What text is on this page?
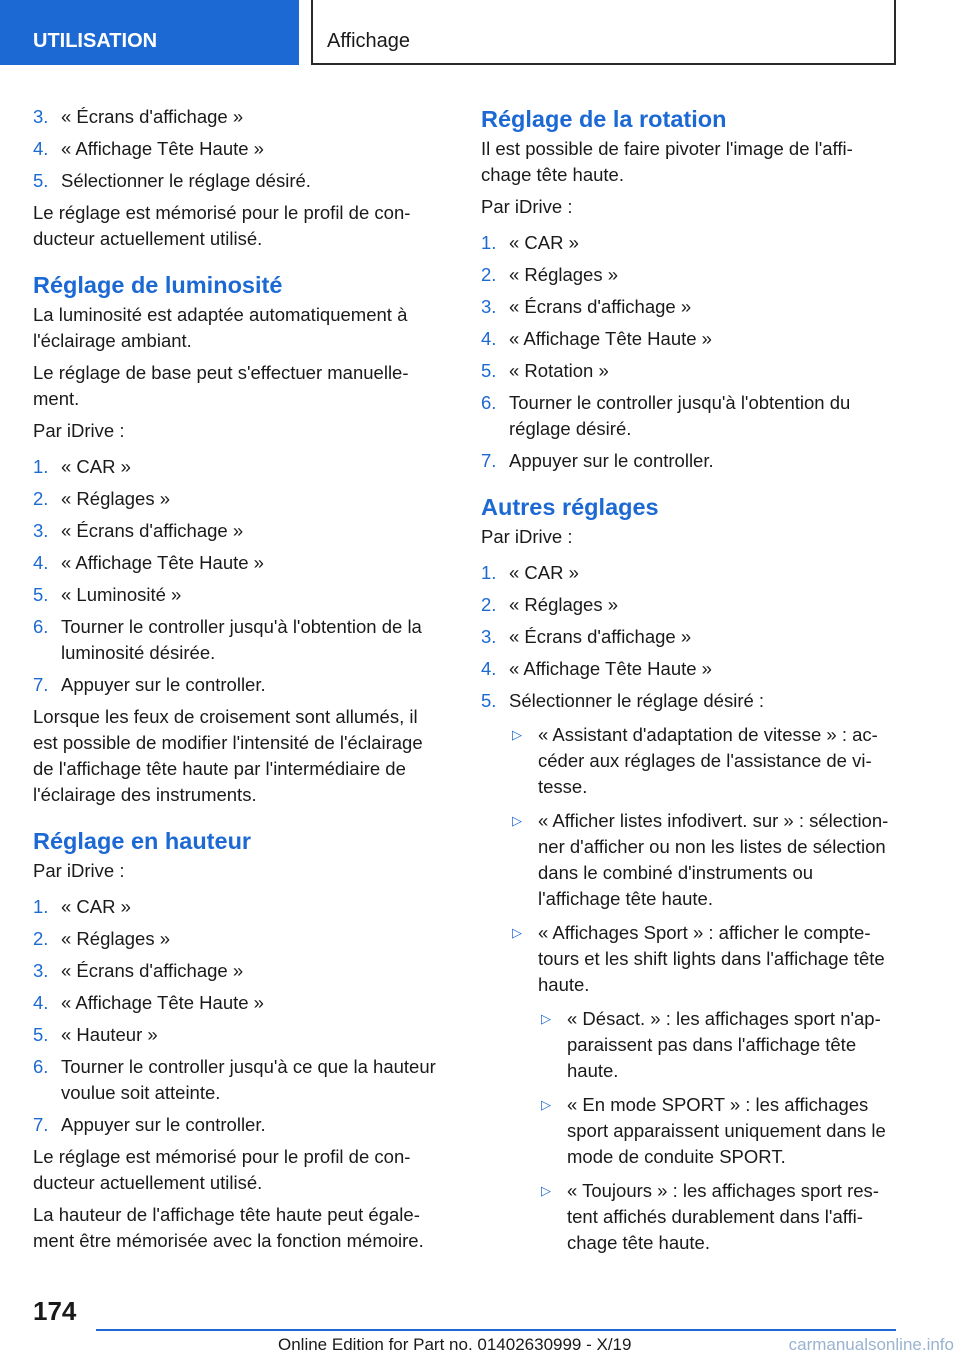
UTILISATION	Affichage
3. « Écrans d'affichage »
4. « Affichage Tête Haute »
5. Sélectionner le réglage désiré.

Le réglage est mémorisé pour le profil de conducteur actuellement utilisé.

Réglage de luminosité

La luminosité est adaptée automatiquement à l'éclairage ambiant.

Le réglage de base peut s'effectuer manuellement.

Par iDrive :

1. « CAR »
2. « Réglages »
3. « Écrans d'affichage »
4. « Affichage Tête Haute »
5. « Luminosité »
6. Tourner le controller jusqu'à l'obtention de la luminosité désirée.
7. Appuyer sur le controller.

Lorsque les feux de croisement sont allumés, il est possible de modifier l'intensité de l'éclairage de l'affichage tête haute par l'intermédiaire de l'éclairage des instruments.

Réglage en hauteur

Par iDrive :

1. « CAR »
2. « Réglages »
3. « Écrans d'affichage »
4. « Affichage Tête Haute »
5. « Hauteur »
6. Tourner le controller jusqu'à ce que la hauteur voulue soit atteinte.
7. Appuyer sur le controller.

Le réglage est mémorisé pour le profil de conducteur actuellement utilisé.

La hauteur de l'affichage tête haute peut également être mémorisée avec la fonction mémoire.

Réglage de la rotation

Il est possible de faire pivoter l'image de l'affichage tête haute.

Par iDrive :

1. « CAR »
2. « Réglages »
3. « Écrans d'affichage »
4. « Affichage Tête Haute »
5. « Rotation »
6. Tourner le controller jusqu'à l'obtention du réglage désiré.
7. Appuyer sur le controller.
Autres réglages

Par iDrive :

1. « CAR »
2. « Réglages »
3. « Écrans d'affichage »
4. « Affichage Tête Haute »
5. Sélectionner le réglage désiré :
▷ « Assistant d'adaptation de vitesse » : accéder aux réglages de l'assistance de vitesse.
▷ « Afficher listes infodivert. sur » : sélectionner d'afficher ou non les listes de sélection dans le combiné d'instruments ou l'affichage tête haute.
▷ « Affichages Sport » : afficher le compte-tours et les shift lights dans l'affichage tête haute.
▷ « Désact. » : les affichages sport n'apparaissent pas dans l'affichage tête haute.
▷ « En mode SPORT » : les affichages sport apparaissent uniquement dans le mode de conduite SPORT.
▷ « Toujours » : les affichages sport restent affichés durablement dans l'affichage tête haute.
174
Online Edition for Part no. 01402630999 - X/19	carmanualsonline.info
